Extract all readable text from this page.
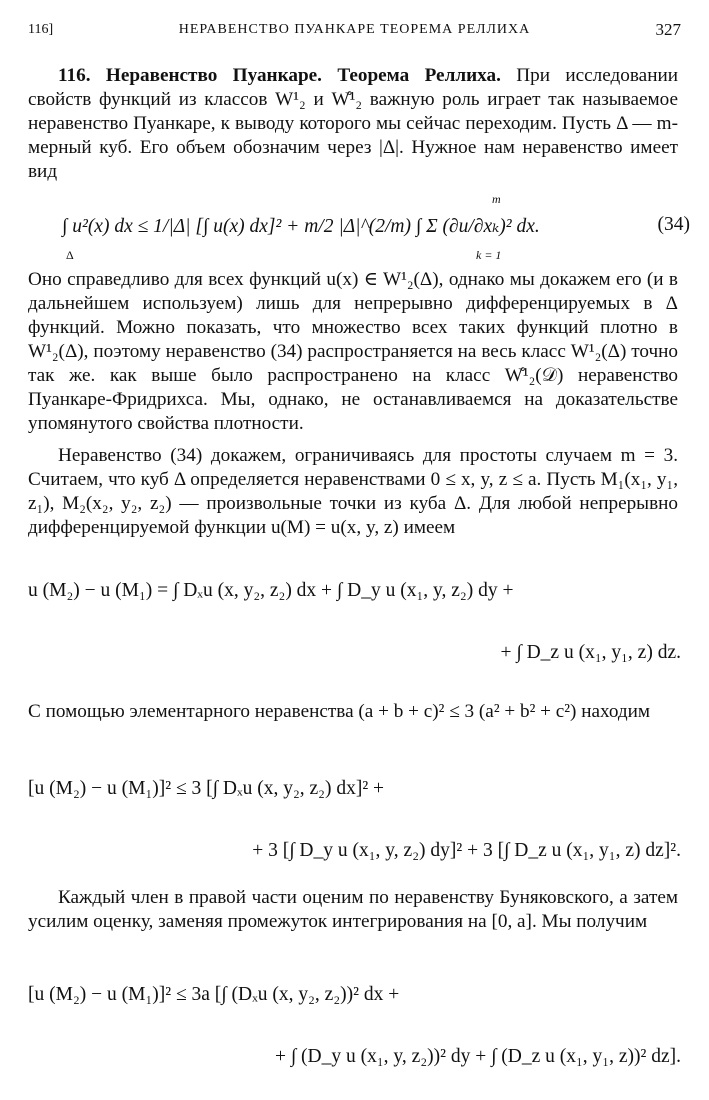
116]	НЕРАВЕНСТВО ПУАНКАРЕ ТЕОРЕМА РЕЛЛИХА	327
116. Неравенство Пуанкаре. Теорема Реллиха. При исследовании свойств функций из классов W¹₂ и W̊¹₂ важную роль играет так называемое неравенство Пуанкаре, к выводу которого мы сейчас переходим. Пусть Δ — m-мерный куб. Его объем обозначим через |Δ|. Нужное нам неравенство имеет вид
∫ u²(x) dx ≤ 1/|Δ| [∫ u(x) dx]² + m/2 |Δ|^(2/m) ∫ Σ (∂u/∂xₖ)² dx.
Δ
m
k = 1
(34)
Оно справедливо для всех функций u(x) ∈ W¹₂(Δ), однако мы докажем его (и в дальнейшем используем) лишь для непрерывно дифференцируемых в Δ функций. Можно показать, что множество всех таких функций плотно в W¹₂(Δ), поэтому неравенство (34) распространяется на весь класс W¹₂(Δ) точно так же. как выше было распространено на класс W̊¹₂(𝒟) неравенство Пуанкаре-Фридрихса. Мы, однако, не останавливаемся на доказательстве упомянутого свойства плотности.
Неравенство (34) докажем, ограничиваясь для простоты случаем m = 3. Считаем, что куб Δ определяется неравенствами 0 ≤ x, y, z ≤ a. Пусть M₁(x₁, y₁, z₁), M₂(x₂, y₂, z₂) — произвольные точки из куба Δ. Для любой непрерывно дифференцируемой функции u(M) = u(x, y, z) имеем
u (M₂) − u (M₁) = ∫ Dₓu (x, y₂, z₂) dx + ∫ D_y u (x₁, y, z₂) dy +
+ ∫ D_z u (x₁, y₁, z) dz.
С помощью элементарного неравенства (a + b + c)² ≤ 3 (a² + b² + c²) находим
[u (M₂) − u (M₁)]² ≤ 3 [∫ Dₓu (x, y₂, z₂) dx]² +
+ 3 [∫ D_y u (x₁, y, z₂) dy]² + 3 [∫ D_z u (x₁, y₁, z) dz]².
Каждый член в правой части оценим по неравенству Буняковского, а затем усилим оценку, заменяя промежуток интегрирования на [0, a]. Мы получим
[u (M₂) − u (M₁)]² ≤ 3a [∫ (Dₓu (x, y₂, z₂))² dx +
+ ∫ (D_y u (x₁, y, z₂))² dy + ∫ (D_z u (x₁, y₁, z))² dz].
